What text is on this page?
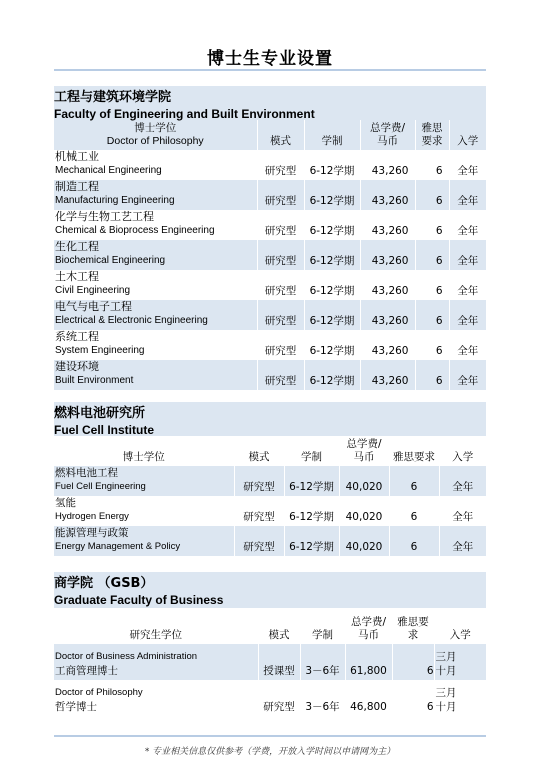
博士生专业设置
工程与建筑环境学院
Faculty of Engineering and Built Environment
博士学位
Doctor of Philosophy	模式	学制	总学费/
马币	雅思
要求	入学

机械工业
Mechanical Engineering	研究型	6-12学期	43,260	6	全年

制造工程
Manufacturing Engineering	研究型	6-12学期	43,260	6	全年

化学与生物工艺工程
Chemical & Bioprocess Engineering	研究型	6-12学期	43,260	6	全年

生化工程
Biochemical Engineering	研究型	6-12学期	43,260	6	全年

土木工程
Civil Engineering	研究型	6-12学期	43,260	6	全年

电气与电子工程
Electrical & Electronic Engineering	研究型	6-12学期	43,260	6	全年

系统工程
System Engineering	研究型	6-12学期	43,260	6	全年

建设环境
Built Environment	研究型	6-12学期	43,260	6	全年
燃料电池研究所
Fuel Cell Institute
博士学位	模式	学制	总学费/
马币	雅思要求	入学

燃料电池工程
Fuel Cell Engineering	研究型	6-12学期	40,020	6	全年

氢能
Hydrogen Energy	研究型	6-12学期	40,020	6	全年

能源管理与政策
Energy Management & Policy	研究型	6-12学期	40,020	6	全年
商学院 （GSB）
Graduate Faculty of Business
研究生学位	模式	学制	总学费/
马币	雅思要
求	入学

Doctor of Business Administration
工商管理博士	授课型	3－6年	61,800	6	三月
十月

Doctor of Philosophy
哲学博士	研究型	3－6年	46,800	6	三月
十月
* 专业相关信息仅供参考（学费，开放入学时间以申请网为主）
